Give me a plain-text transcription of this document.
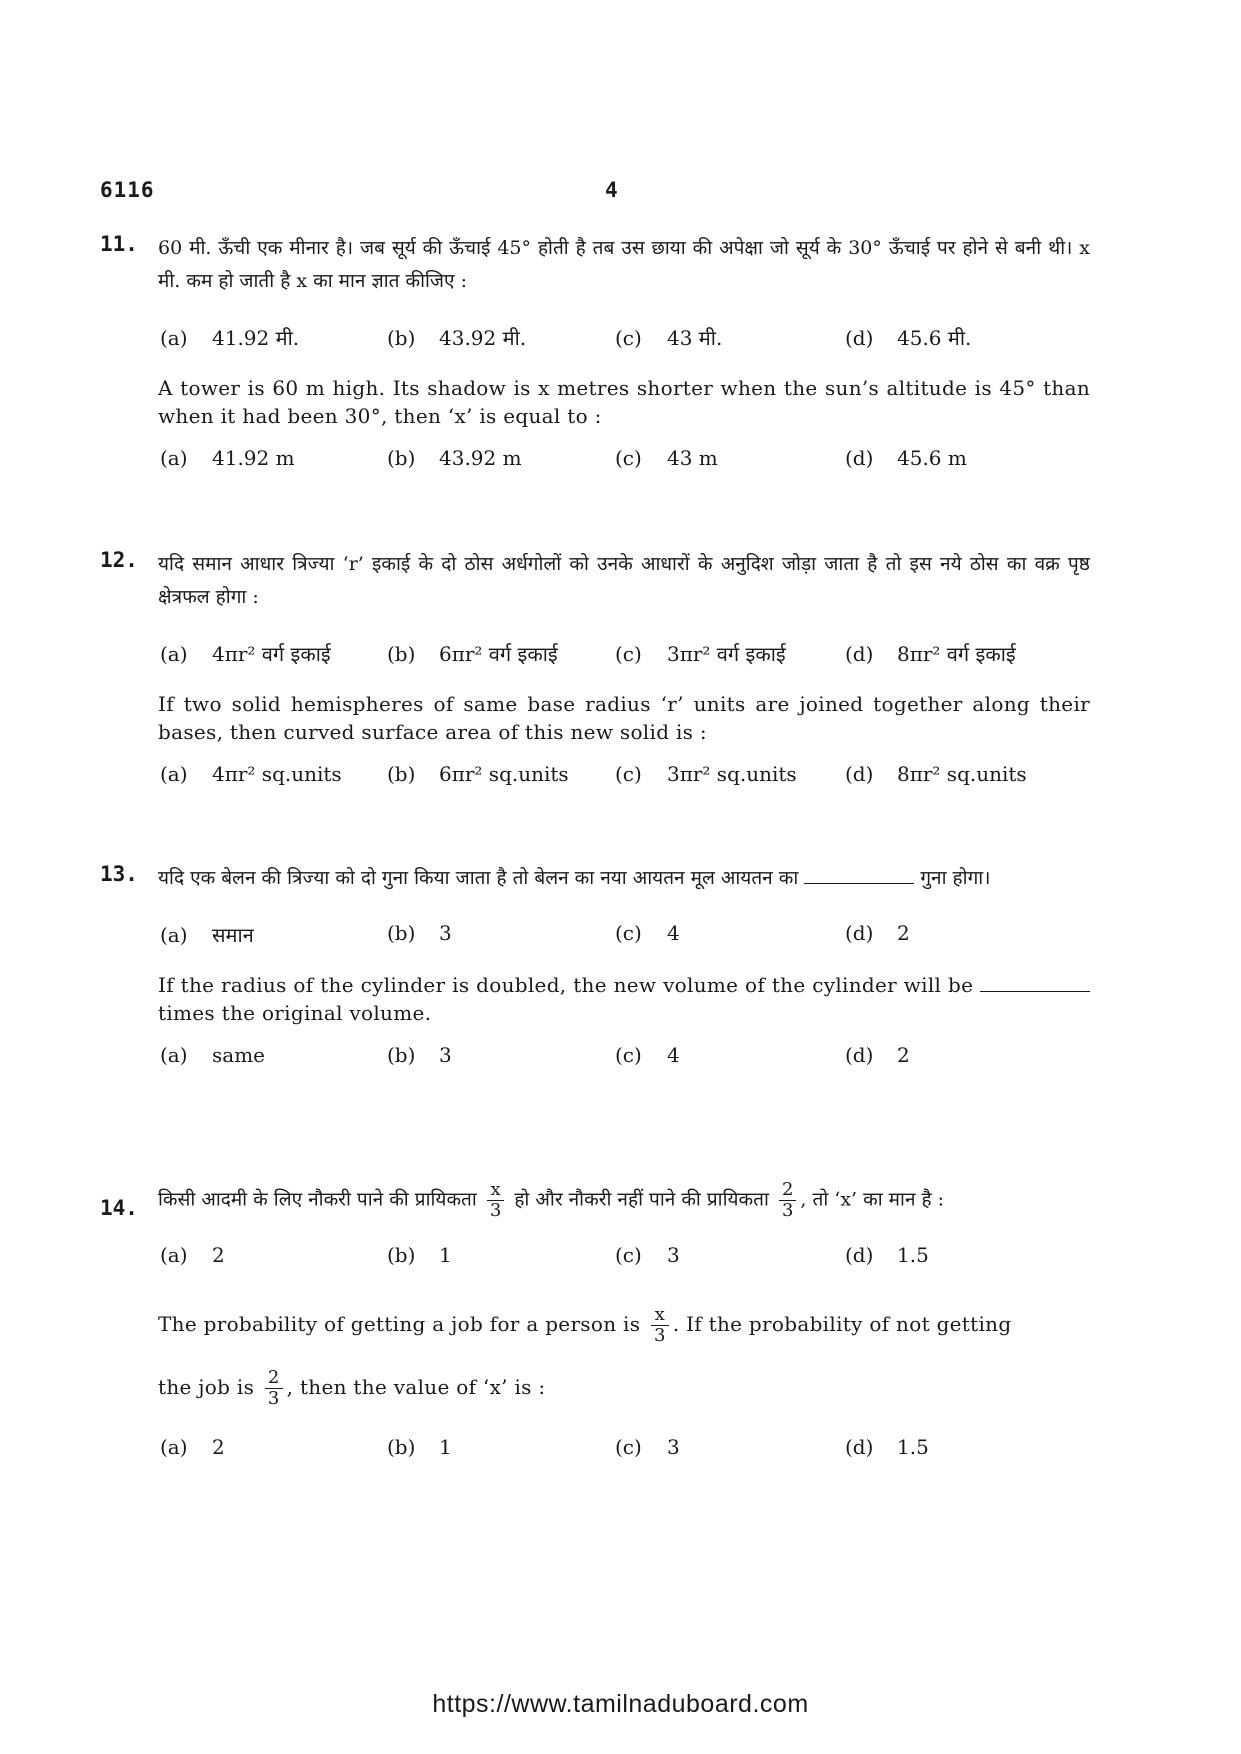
6116	4
11. 60 मी. ऊँची एक मीनार है। जब सूर्य की ऊँचाई 45° होती है तब उस छाया की अपेक्षा जो सूर्य के 30° ऊँचाई पर होने से बनी थी। x मी. कम हो जाती है x का मान ज्ञात कीजिए :
(a) 41.92 मी.	(b) 43.92 मी.	(c) 43 मी.	(d) 45.6 मी.
A tower is 60 m high. Its shadow is x metres shorter when the sun’s altitude is 45° than when it had been 30°, then ‘x’ is equal to :
(a) 41.92 m	(b) 43.92 m	(c) 43 m	(d) 45.6 m
12. यदि समान आधार त्रिज्या ‘r’ इकाई के दो ठोस अर्धगोलों को उनके आधारों के अनुदिश जोड़ा जाता है तो इस नये ठोस का वक्र पृष्ठ क्षेत्रफल होगा :
(a) 4πr² वर्ग इकाई	(b) 6πr² वर्ग इकाई	(c) 3πr² वर्ग इकाई	(d) 8πr² वर्ग इकाई
If two solid hemispheres of same base radius ‘r’ units are joined together along their bases, then curved surface area of this new solid is :
(a) 4πr² sq.units (b) 6πr² sq.units (c) 3πr² sq.units (d) 8πr² sq.units
13. यदि एक बेलन की त्रिज्या को दो गुना किया जाता है तो बेलन का नया आयतन मूल आयतन का	गुना होगा।
(a) समान	(b) 3	(c) 4	(d) 2
If the radius of the cylinder is doubled, the new volume of the cylinder will be  times the original volume.
(a) same	(b) 3	(c) 4	(d) 2
14. किसी आदमी के लिए नौकरी पाने की प्रायिकता $\frac{x}{3}$ हो और नौकरी नहीं पाने की प्रायिकता $\frac{2}{3}$ , तो ‘x’ का मान है :
(a) 2	(b) 1	(c) 3	(d) 1.5
The probability of getting a job for a person is $\frac{x}{3}$ . If the probability of not getting
the job is $\frac{2}{3}$ , then the value of ‘x’ is :
(a) 2	(b) 1	(c) 3	(d) 1.5
https://www.tamilnaduboard.com
